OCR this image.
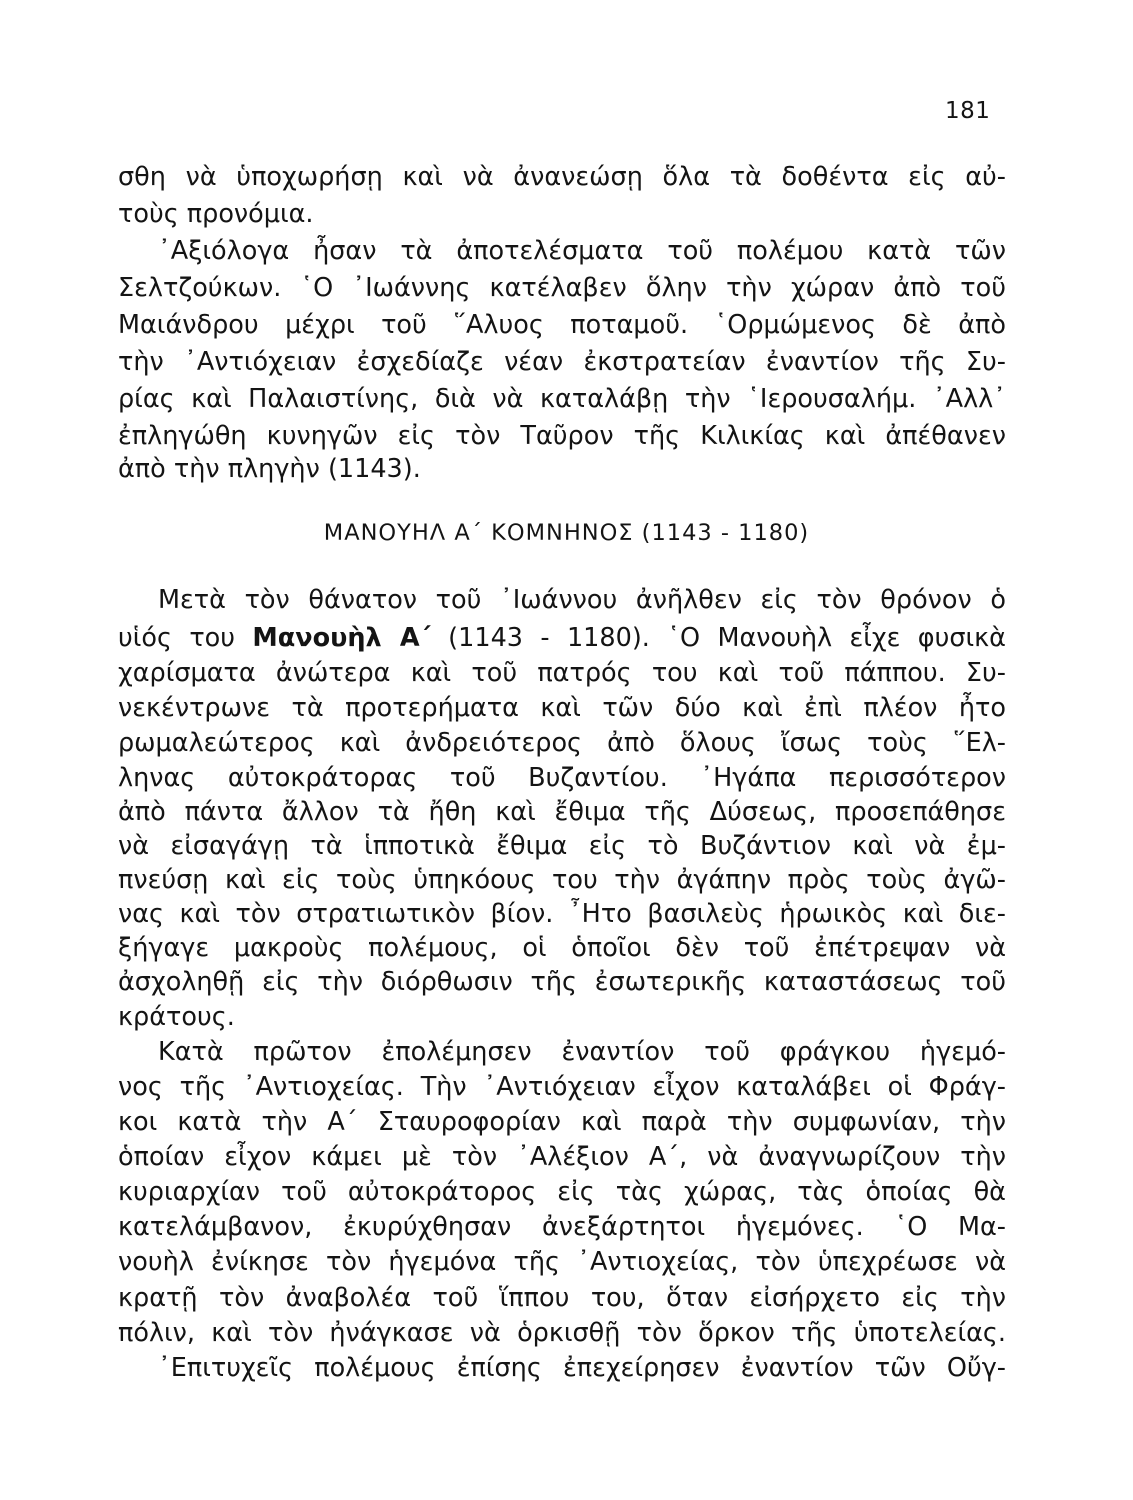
181
σθη νὰ ὑποχωρήσῃ καὶ νὰ ἀνανεώσῃ ὅλα τὰ δοθέντα εἰς αὐ-
τοὺς προνόμια.
᾿Αξιόλογα ἦσαν τὰ ἀποτελέσματα τοῦ πολέμου κατὰ τῶν
Σελτζούκων. ῾Ο ᾿Ιωάννης κατέλαβεν ὅλην τὴν χώραν ἀπὸ τοῦ
Μαιάνδρου μέχρι τοῦ ῞Αλυος ποταμοῦ. ῾Ορμώμενος δὲ ἀπὸ
τὴν ᾿Αντιόχειαν ἐσχεδίαζε νέαν ἐκστρατείαν ἐναντίον τῆς Συ-
ρίας καὶ Παλαιστίνης, διὰ νὰ καταλάβῃ τὴν ῾Ιερουσαλήμ. ᾿Αλλ᾿
ἐπληγώθη κυνηγῶν εἰς τὸν Ταῦρον τῆς Κιλικίας καὶ ἀπέθανεν
ἀπὸ τὴν πληγὴν (1143).
ΜΑΝΟΥΗΛ Α΄ ΚΟΜΝΗΝΟΣ (1143 - 1180)
Μετὰ τὸν θάνατον τοῦ ᾿Ιωάννου ἀνῆλθεν εἰς τὸν θρόνον ὁ
υἱός του Μανουὴλ Α΄ (1143 - 1180). ῾Ο Μανουὴλ εἶχε φυσικὰ
χαρίσματα ἀνώτερα καὶ τοῦ πατρός του καὶ τοῦ πάππου. Συ-
νεκέντρωνε τὰ προτερήματα καὶ τῶν δύο καὶ ἐπὶ πλέον ἦτο
ρωμαλεώτερος καὶ ἀνδρειότερος ἀπὸ ὅλους ἴσως τοὺς ῞Ελ-
ληνας αὐτοκράτορας τοῦ Βυζαντίου. ᾿Ηγάπα περισσότερον
ἀπὸ πάντα ἄλλον τὰ ἤθη καὶ ἔθιμα τῆς Δύσεως, προσεπάθησε
νὰ εἰσαγάγῃ τὰ ἱπποτικὰ ἔθιμα εἰς τὸ Βυζάντιον καὶ νὰ ἐμ-
πνεύσῃ καὶ εἰς τοὺς ὑπηκόους του τὴν ἀγάπην πρὸς τοὺς ἀγῶ-
νας καὶ τὸν στρατιωτικὸν βίον. ῏Ητο βασιλεὺς ἡρωικὸς καὶ διε-
ξήγαγε μακροὺς πολέμους, οἱ ὁποῖοι δὲν τοῦ ἐπέτρεψαν νὰ
ἀσχοληθῇ εἰς τὴν διόρθωσιν τῆς ἐσωτερικῆς καταστάσεως τοῦ
κράτους.
Κατὰ πρῶτον ἐπολέμησεν ἐναντίον τοῦ φράγκου ἡγεμό-
νος τῆς ᾿Αντιοχείας. Τὴν ᾿Αντιόχειαν εἶχον καταλάβει οἱ Φράγ-
κοι κατὰ τὴν Α΄ Σταυροφορίαν καὶ παρὰ τὴν συμφωνίαν, τὴν
ὁποίαν εἶχον κάμει μὲ τὸν ᾿Αλέξιον Α΄, νὰ ἀναγνωρίζουν τὴν
κυριαρχίαν τοῦ αὐτοκράτορος εἰς τὰς χώρας, τὰς ὁποίας θὰ
κατελάμβανον, ἐκυρύχθησαν ἀνεξάρτητοι ἡγεμόνες. ῾Ο Μα-
νουὴλ ἐνίκησε τὸν ἡγεμόνα τῆς ᾿Αντιοχείας, τὸν ὑπεχρέωσε νὰ
κρατῇ τὸν ἀναβολέα τοῦ ἵππου του, ὅταν εἰσήρχετο εἰς τὴν
πόλιν, καὶ τὸν ἠνάγκασε νὰ ὁρκισθῇ τὸν ὅρκον τῆς ὑποτελείας.
᾿Επιτυχεῖς πολέμους ἐπίσης ἐπεχείρησεν ἐναντίον τῶν Οὔγ-
